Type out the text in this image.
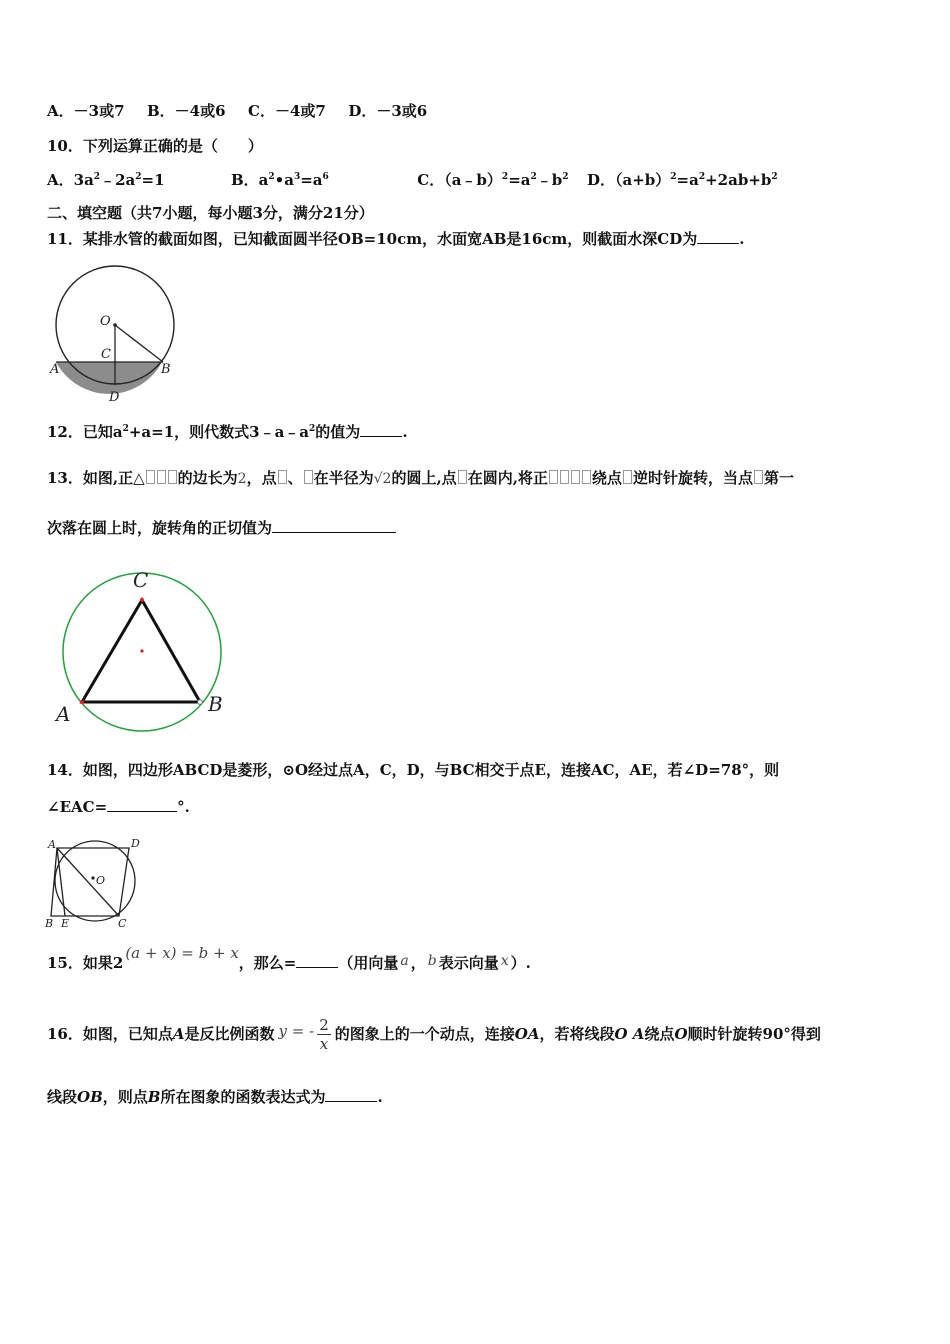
A．－3或7 B．－4或6 C．－4或7 D．－3或6
10．下列运算正确的是（　　）
A．$3a^2﹣2a^2=1$	B．$a^2•a^3=a^6$	C．$(a﹣b)^2=a^2﹣b^2$ D．$(a+b)^2=a^2+2ab+b^2$
二、填空题（共7小题，每小题3分，满分21分）
11．某排水管的截面如图，已知截面圆半径OB=10cm，水面宽AB是16cm，则截面水深CD为	.
O
C
A	B
D
12．已知$a^2+a=1$，则代数式$3﹣a﹣a^2$的值为	.
13．如图,正△ 的边长为2，点 、 在半径为√2的圆上,点 在圆内,将正	绕点 逆时针旋转，当点 第一
次落在圆上时，旋转角的正切值为
C
A	B
14．如图，四边形ABCD是菱形，⊙O经过点A，C，D，与BC相交于点E，连接AC，AE，若∠D=78°，则
∠EAC=	°.
A	D
O
B E	C
15．如果2(a + x) = b + x，那么=	（用向量 a ， b 表示向量 x ）.
16．如图，已知点 A 是反比例函数 y = - $\frac{2}{x}$ 的图象上的一个动点，连接 OA ，若将线段 O A 绕点 O 顺时针旋转90°得到
线段OB，则点B所在图象的函数表达式为	.
